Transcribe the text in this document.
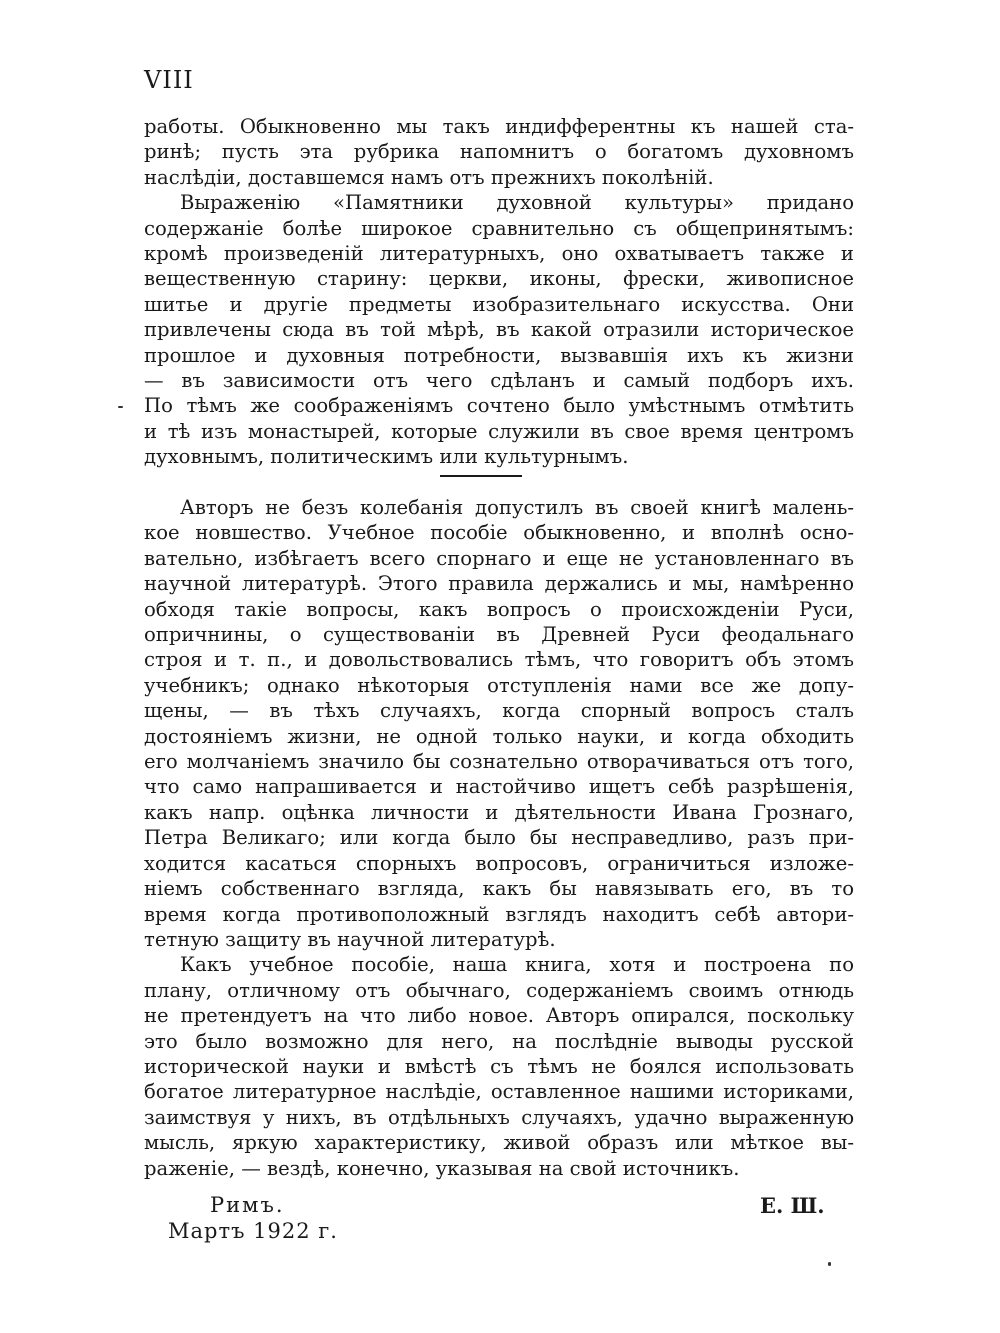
VIII
работы. Обыкновенно мы такъ индифферентны къ нашей ста-
ринѣ; пусть эта рубрика напомнитъ о богатомъ духовномъ
наслѣдіи, доставшемся намъ отъ прежнихъ поколѣній.
Выраженію «Памятники духовной культуры» придано
содержаніе болѣе широкое сравнительно съ общепринятымъ:
кромѣ произведеній литературныхъ, оно охватываетъ также и
вещественную старину: церкви, иконы, фрески, живописное
шитье и другіе предметы изобразительнаго искусства. Они
привлечены сюда въ той мѣрѣ, въ какой отразили историческое
прошлое и духовныя потребности, вызвавшія ихъ къ жизни
— въ зависимости отъ чего сдѣланъ и самый подборъ ихъ.
По тѣмъ же соображеніямъ сочтено было умѣстнымъ отмѣтить
и тѣ изъ монастырей, которые служили въ свое время центромъ
духовнымъ, политическимъ или культурнымъ.
Авторъ не безъ колебанія допустилъ въ своей книгѣ малень-
кое новшество. Учебное пособіе обыкновенно, и вполнѣ осно-
вательно, избѣгаетъ всего спорнаго и еще не установленнаго въ
научной литературѣ. Этого правила держались и мы, намѣренно
обходя такіе вопросы, какъ вопросъ о происхожденіи Руси,
опричнины, о существованіи въ Древней Руси феодальнаго
строя и т. п., и довольствовались тѣмъ, что говоритъ объ этомъ
учебникъ; однако нѣкоторыя отступленія нами все же допу-
щены, — въ тѣхъ случаяхъ, когда спорный вопросъ сталъ
достояніемъ жизни, не одной только науки, и когда обходить
его молчаніемъ значило бы сознательно отворачиваться отъ того,
что само напрашивается и настойчиво ищетъ себѣ разрѣшенія,
какъ напр. оцѣнка личности и дѣятельности Ивана Грознаго,
Петра Великаго; или когда было бы несправедливо, разъ при-
ходится касаться спорныхъ вопросовъ, ограничиться изложе-
ніемъ собственнаго взгляда, какъ бы навязывать его, въ то
время когда противоположный взглядъ находитъ себѣ автори-
тетную защиту въ научной литературѣ.
Какъ учебное пособіе, наша книга, хотя и построена по
плану, отличному отъ обычнаго, содержаніемъ своимъ отнюдь
не претендуетъ на что либо новое. Авторъ опирался, поскольку
это было возможно для него, на послѣдніе выводы русской
исторической науки и вмѣстѣ съ тѣмъ не боялся использовать
богатое литературное наслѣдіе, оставленное нашими историками,
заимствуя у нихъ, въ отдѣльныхъ случаяхъ, удачно выраженную
мысль, яркую характеристику, живой образъ или мѣткое вы-
раженіе, — вездѣ, конечно, указывая на свой источникъ.
Римъ.
Мартъ 1922 г.
Е. Ш.
